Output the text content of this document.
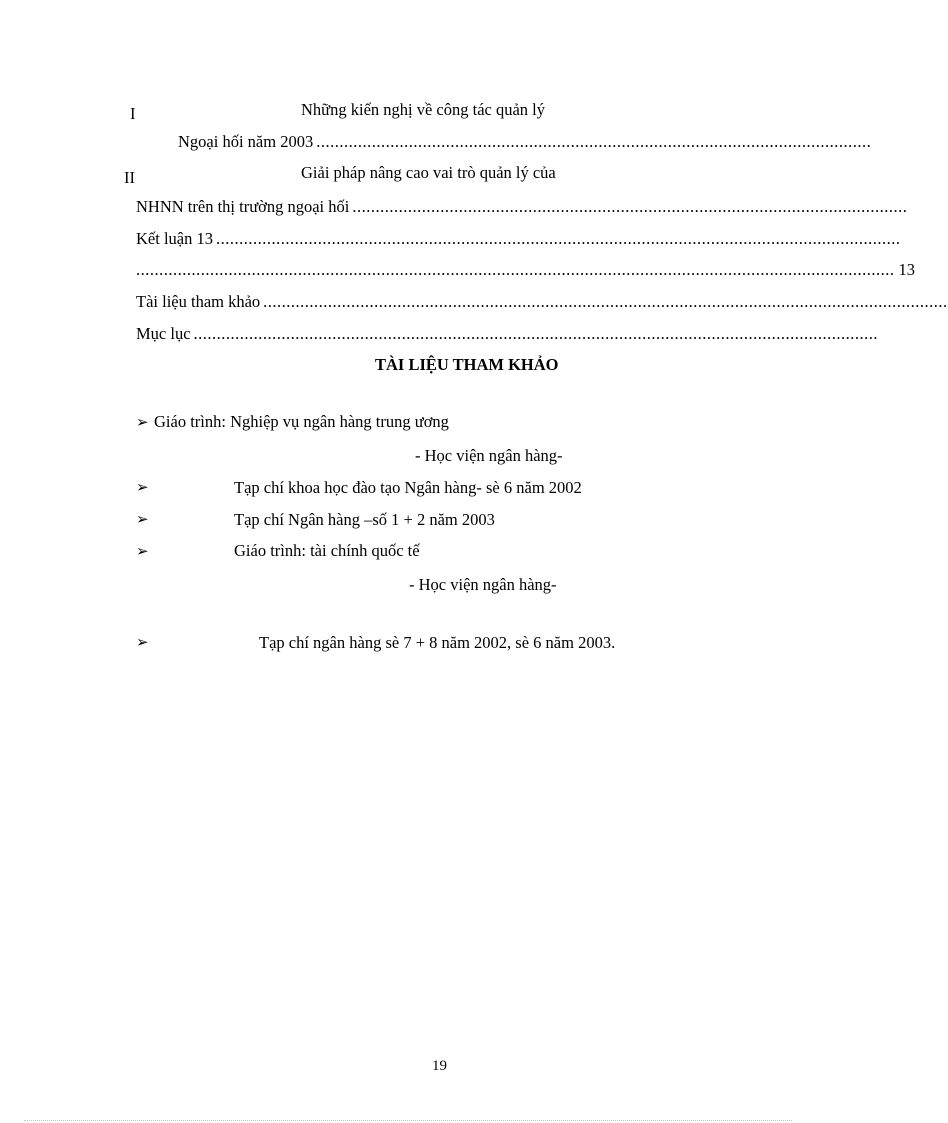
I	Những kiến nghị về công tác quản lý
Ngoại hối năm 2003 ........................................................................................................................
II	Giải pháp nâng cao vai trò quản lý của
NHNN trên thị trường ngoại hối ........................................................................................................................
Kết luận 13 ....................................................................................................................................................
.................................................................................................................................................................... 13
Tài liệu tham khảo ....................................................................................................................................................
Mục lục ....................................................................................................................................................
TÀI LIỆU THAM KHẢO
➢ Giáo trình: Nghiệp vụ ngân hàng trung ương
- Học viện ngân hàng-
➢	Tạp chí khoa học đào tạo Ngân hàng- sè 6 năm 2002
➢	Tạp chí Ngân hàng –số 1 + 2 năm 2003
➢	Giáo trình: tài chính quốc tế
- Học viện ngân hàng-
➢	Tạp chí ngân hàng sè 7 + 8 năm 2002, sè 6 năm 2003.
19
